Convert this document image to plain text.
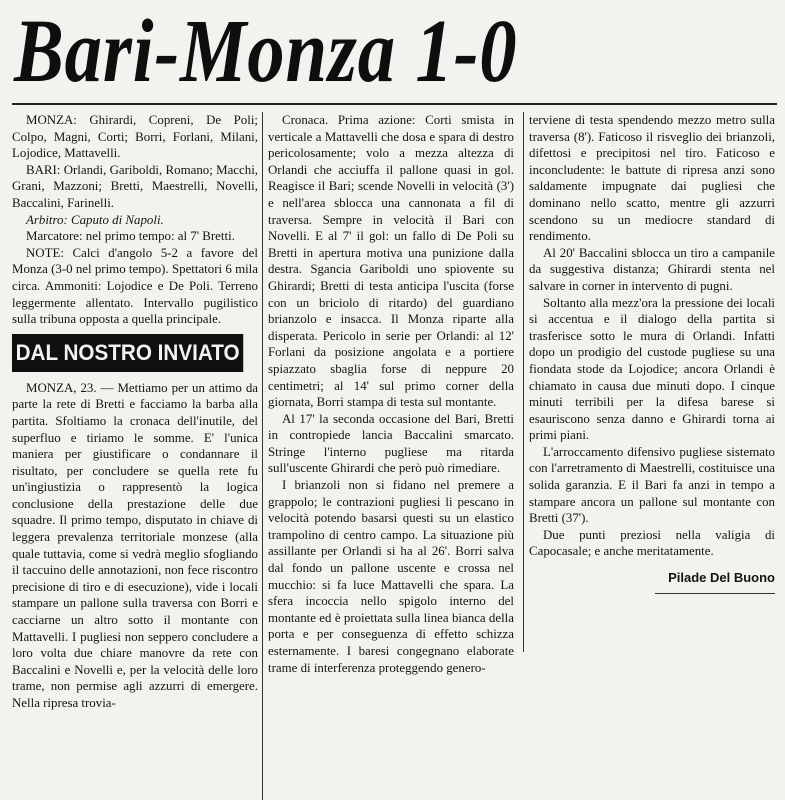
Bari-Monza 1-0

MONZA: Ghirardi, Copreni, De Poli; Colpo, Magni, Corti; Borri, Forlani, Milani, Lojodice, Mattavelli.

BARI: Orlandi, Gariboldi, Romano; Macchi, Grani, Mazzoni; Bretti, Maestrelli, Novelli, Baccalini, Farinelli.

Arbitro: Caputo di Napoli.

Marcatore: nel primo tempo: al 7' Bretti.

NOTE: Calci d'angolo 5-2 a favore del Monza (3-0 nel primo tempo). Spettatori 6 mila circa. Ammoniti: Lojodice e De Poli. Terreno leggermente allentato. Intervallo pugilistico sulla tribuna opposta a quella principale.

DAL NOSTRO INVIATO

MONZA, 23. — Mettiamo per un attimo da parte la rete di Bretti e facciamo la barba alla partita. Sfoltiamo la cronaca dell'inutile, del superfluo e tiriamo le somme. E' l'unica maniera per giustificare o condannare il risultato, per concludere se quella rete fu un'ingiustizia o rappresentò la logica conclusione della prestazione delle due squadre. Il primo tempo, disputato in chiave di leggera prevalenza territoriale monzese (alla quale tuttavia, come si vedrà meglio sfogliando il taccuino delle annotazioni, non fece riscontro precisione di tiro e di esecuzione), vide i locali stampare un pallone sulla traversa con Borri e cacciarne un altro sotto il montante con Mattavelli. I pugliesi non seppero concludere a loro volta due chiare manovre da rete con Baccalini e Novelli e, per la velocità delle loro trame, non permise agli azzurri di emergere. Nella ripresa trovia-

Cronaca. Prima azione: Corti smista in verticale a Mattavelli che dosa e spara di destro pericolosamente; volo a mezza altezza di Orlandi che acciuffa il pallone quasi in gol. Reagisce il Bari; scende Novelli in velocità (3') e nell'area sblocca una cannonata a fil di traversa. Sempre in velocità il Bari con Novelli. E al 7' il gol: un fallo di De Poli su Bretti in apertura motiva una punizione dalla destra. Sgancia Gariboldi uno spiovente su Ghirardi; Bretti di testa anticipa l'uscita (forse con un briciolo di ritardo) del guardiano brianzolo e insacca. Il Monza riparte alla disperata. Pericolo in serie per Orlandi: al 12' Forlani da posizione angolata e a portiere spiazzato sbaglia forse di neppure 20 centimetri; al 14' sul primo corner della giornata, Borri stampa di testa sul montante.

Al 17' la seconda occasione del Bari, Bretti in contropiede lancia Baccalini smarcato. Stringe l'interno pugliese ma ritarda sull'uscente Ghirardi che però può rimediare.

I brianzoli non si fidano nel premere a grappolo; le contrazioni pugliesi li pescano in velocità potendo basarsi questi su un elastico trampolino di centro campo. La situazione più assillante per Orlandi si ha al 26'. Borri salva dal fondo un pallone uscente e crossa nel mucchio: si fa luce Mattavelli che spara. La sfera incoccia nello spigolo interno del montante ed è proiettata sulla linea bianca della porta e per conseguenza di effetto schizza esternamente. I baresi congegnano elaborate trame di interferenza proteggendo genero-

terviene di testa spendendo mezzo metro sulla traversa (8'). Faticoso il risveglio dei brianzoli, difettosi e precipitosi nel tiro. Faticoso e inconcludente: le battute di ripresa anzi sono saldamente impugnate dai pugliesi che dominano nello scatto, mentre gli azzurri scendono su un mediocre standard di rendimento.

Al 20' Baccalini sblocca un tiro a campanile da suggestiva distanza; Ghirardi stenta nel salvare in corner in intervento di pugni.

Soltanto alla mezz'ora la pressione dei locali si accentua e il dialogo della partita si trasferisce sotto le mura di Orlandi. Infatti dopo un prodigio del custode pugliese su una fiondata stode da Lojodice; ancora Orlandi è chiamato in causa due minuti dopo. I cinque minuti terribili per la difesa barese si esauriscono senza danno e Ghirardi torna ai primi piani.

L'arroccamento difensivo pugliese sistemato con l'arretramento di Maestrelli, costituisce una solida garanzia. E il Bari fa anzi in tempo a stampare ancora un pallone sul montante con Bretti (37').

Due punti preziosi nella valigia di Capocasale; e anche meritatamente.

Pilade Del Buono
